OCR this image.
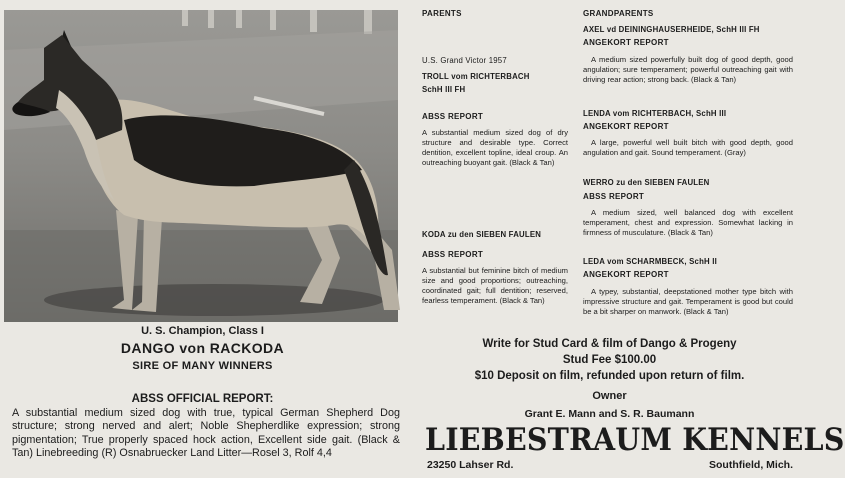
U. S. Champion, Class I
DANGO von RACKODA
SIRE OF MANY WINNERS
ABSS OFFICIAL REPORT:
A substantial medium sized dog with true, typical German Shepherd Dog structure; strong nerved and alert; Noble Shepherdlike expression; strong pigmentation; True properly spaced hock action, Excellent side gait. (Black & Tan) Linebreeding (R) Osnabruecker Land Litter—Rosel 3, Rolf 4,4
PARENTS
U.S. Grand Victor 1957
TROLL vom RICHTERBACH
SchH III FH
ABSS REPORT
A substantial medium sized dog of dry structure and desirable type. Correct dentition, excellent topline, ideal croup. An outreaching buoyant gait. (Black & Tan)
KODA zu den SIEBEN FAULEN
ABSS REPORT
A substantial but feminine bitch of medium size and good proportions; outreaching, coordinated gait; full dentition; reserved, fearless temperament. (Black & Tan)
GRANDPARENTS
AXEL vd DEININGHAUSERHEIDE, SchH III FH
ANGEKORT REPORT
A medium sized powerfully built dog of good depth, good angulation; sure temperament; powerful outreaching gait with driving rear action; strong back. (Black & Tan)
LENDA vom RICHTERBACH, SchH III
ANGEKORT REPORT
A large, powerful well built bitch with good depth, good angulation and gait. Sound temperament. (Gray)
WERRO zu den SIEBEN FAULEN
ABSS REPORT
A medium sized, well balanced dog with excellent temperament, chest and expression. Somewhat lacking in firmness of musculature. (Black & Tan)
LEDA vom SCHARMBECK, SchH II
ANGEKORT REPORT
A typey, substantial, deepstationed mother type bitch with impressive structure and gait. Temperament is good but could be a bit sharper on manwork. (Black & Tan)
Write for Stud Card & film of Dango & Progeny
Stud Fee $100.00
$10 Deposit on film, refunded upon return of film.
Owner
Grant E. Mann and S. R. Baumann
LIEBESTRAUM KENNELS
23250 Lahser Rd.	Southfield, Mich.
